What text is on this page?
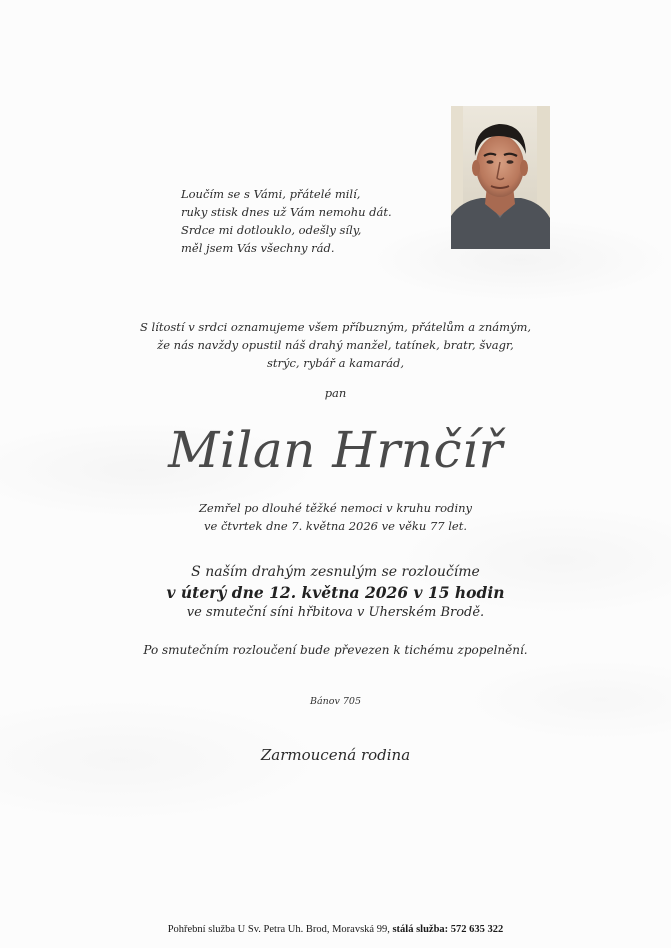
Loučím se s Vámi, přátelé milí,
ruky stisk dnes už Vám nemohu dát.
Srdce mi dotlouklo, odešly síly,
měl jsem Vás všechny rád.
S lítostí v srdci oznamujeme všem příbuzným, přátelům a známým,
že nás navždy opustil náš drahý manžel, tatínek, bratr, švagr,
strýc, rybář a kamarád,
pan
Milan Hrnčíř
Zemřel po dlouhé těžké nemoci v kruhu rodiny
ve čtvrtek dne 7. května 2026 ve věku 77 let.
S naším drahým zesnulým se rozloučíme
v úterý dne 12. května 2026 v 15 hodin
ve smuteční síni hřbitova v Uherském Brodě.
Po smutečním rozloučení bude převezen k tichému zpopelnění.
Bánov 705
Zarmoucená rodina
Pohřební služba U Sv. Petra Uh. Brod, Moravská 99, stálá služba: 572 635 322
